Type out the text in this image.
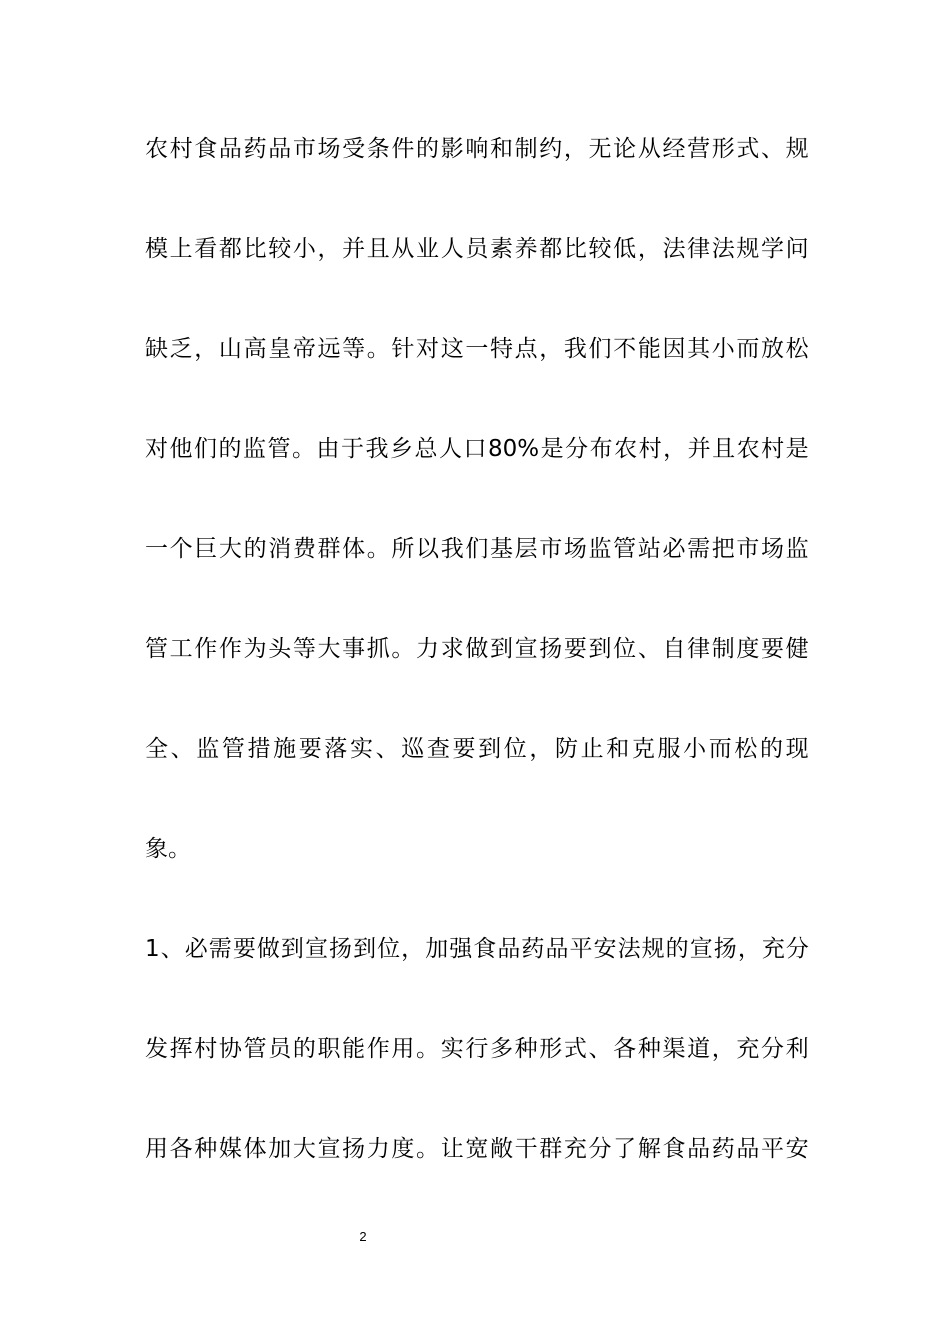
农 村 食 品 药 品 市 场 受 条 件 的 影 响 和 制 约 ， 无 论 从 经 营 形 式 、 规
模 上 看 都 比 较 小 ， 并 且 从 业 人 员 素 养 都 比 较 低 ， 法 律 法 规 学 问
缺 乏 ， 山 高 皇 帝 远 等 。 针 对 这 一 特 点 ， 我 们 不 能 因 其 小 而 放 松
对 他 们 的 监 管 。 由 于 我 乡 总 人 口 80% 是 分 布 农 村 ， 并 且 农 村 是
一 个 巨 大 的 消 费 群 体 。 所 以 我 们 基 层 市 场 监 管 站 必 需 把 市 场 监
管 工 作 作 为 头 等 大 事 抓 。 力 求 做 到 宣 扬 要 到 位 、 自 律 制 度 要 健
全 、 监 管 措 施 要 落 实 、 巡 查 要 到 位 ， 防 止 和 克 服 小 而 松 的 现
象。
1 、 必 需 要 做 到 宣 扬 到 位 ， 加 强 食 品 药 品 平 安 法 规 的 宣 扬 ， 充 分
发 挥 村 协 管 员 的 职 能 作 用 。 实 行 多 种 形 式 、 各 种 渠 道 ， 充 分 利
用 各 种 媒 体 加 大 宣 扬 力 度 。 让 宽 敞 干 群 充 分 了 解 食 品 药 品 平 安
2
